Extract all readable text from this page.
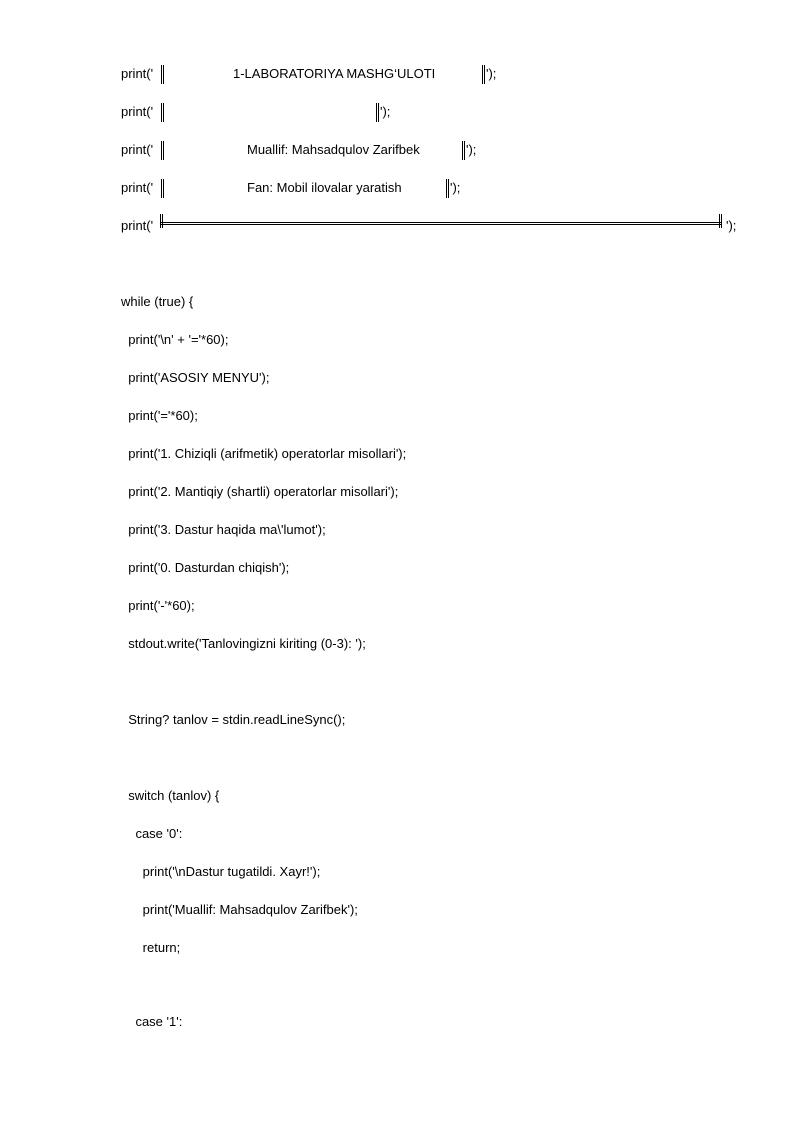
print('	1-LABORATORIYA MASHG‘ULOTI	');
print('	');
print('	Muallif: Mahsadqulov Zarifbek	');
print('	Fan: Mobil ilovalar yaratish	');
print('	');
while (true) {
print('\n' + '='*60);
print('ASOSIY MENYU');
print('='*60);
print('1. Chiziqli (arifmetik) operatorlar misollari');
print('2. Mantiqiy (shartli) operatorlar misollari');
print('3. Dastur haqida ma\'lumot');
print('0. Dasturdan chiqish');
print('-'*60);
stdout.write('Tanlovingizni kiriting (0-3): ');
String? tanlov = stdin.readLineSync();
switch (tanlov) {
case '0':
print('\nDastur tugatildi. Xayr!');
print('Muallif: Mahsadqulov Zarifbek');
return;
case '1':
